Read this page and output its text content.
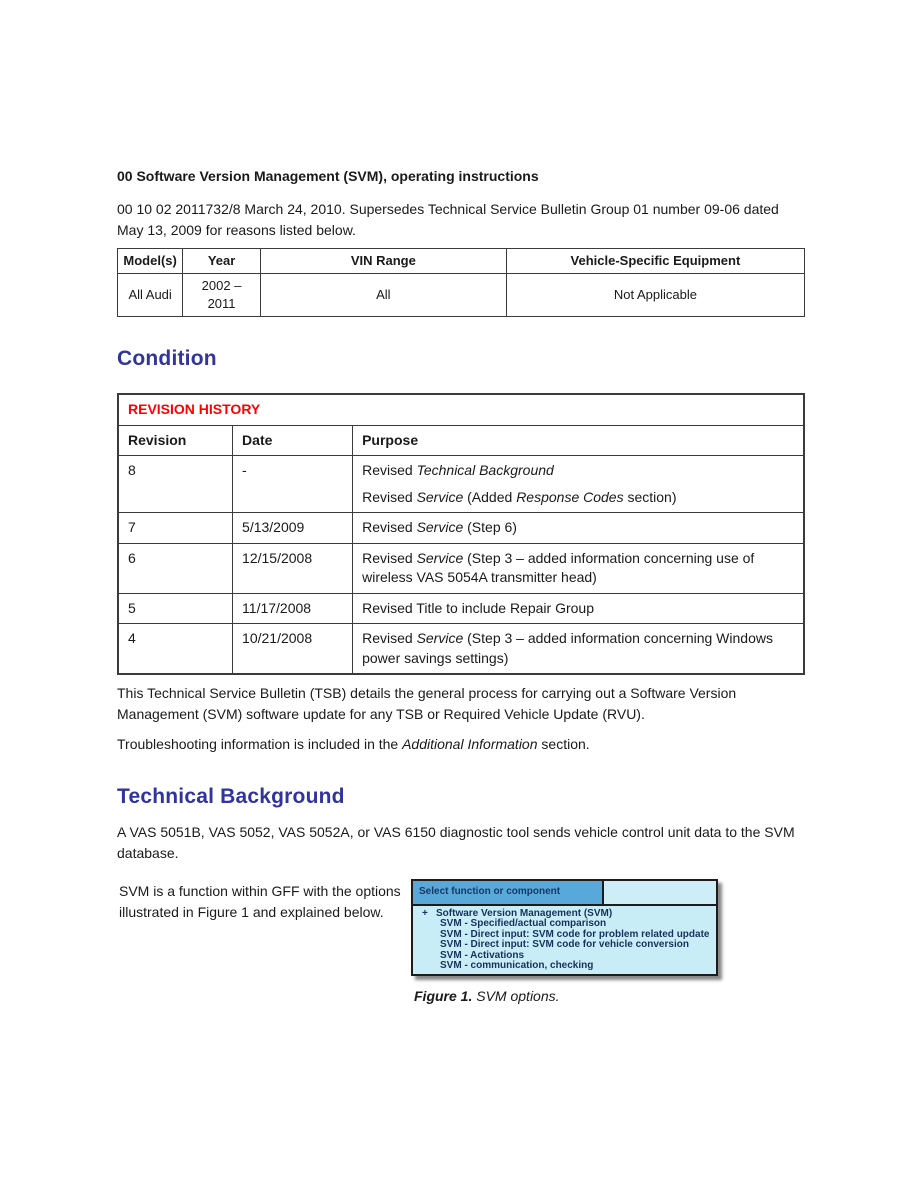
00 Software Version Management (SVM), operating instructions

00 10 02 2011732/8 March 24, 2010. Supersedes Technical Service Bulletin Group 01 number 09-06 dated May 13, 2009 for reasons listed below.

Model(s)	Year	VIN Range	Vehicle-Specific Equipment
All Audi	2002 – 2011	All	Not Applicable
Condition
REVISION HISTORY		
Revision	Date	Purpose
8	-	Revised Technical Background
Revised Service (Added Response Codes section)

7	5/13/2009	Revised Service (Step 6)

6	12/15/2008	Revised Service (Step 3 – added information concerning use of wireless VAS 5054A transmitter head)

5	11/17/2008	Revised Title to include Repair Group

4	10/21/2008	Revised Service (Step 3 – added information concerning Windows power savings settings)

This Technical Service Bulletin (TSB) details the general process for carrying out a Software Version Management (SVM) software update for any TSB or Required Vehicle Update (RVU).

Troubleshooting information is included in the Additional Information section.

Technical Background

A VAS 5051B, VAS 5052, VAS 5052A, or VAS 6150 diagnostic tool sends vehicle control unit data to the SVM database.

SVM is a function within GFF with the options illustrated in Figure 1 and explained below.

Select function or component
+ Software Version Management (SVM)
SVM - Specified/actual comparison
SVM - Direct input: SVM code for problem related update
SVM - Direct input: SVM code for vehicle conversion
SVM - Activations
SVM - communication, checking

Figure 1. SVM options.
